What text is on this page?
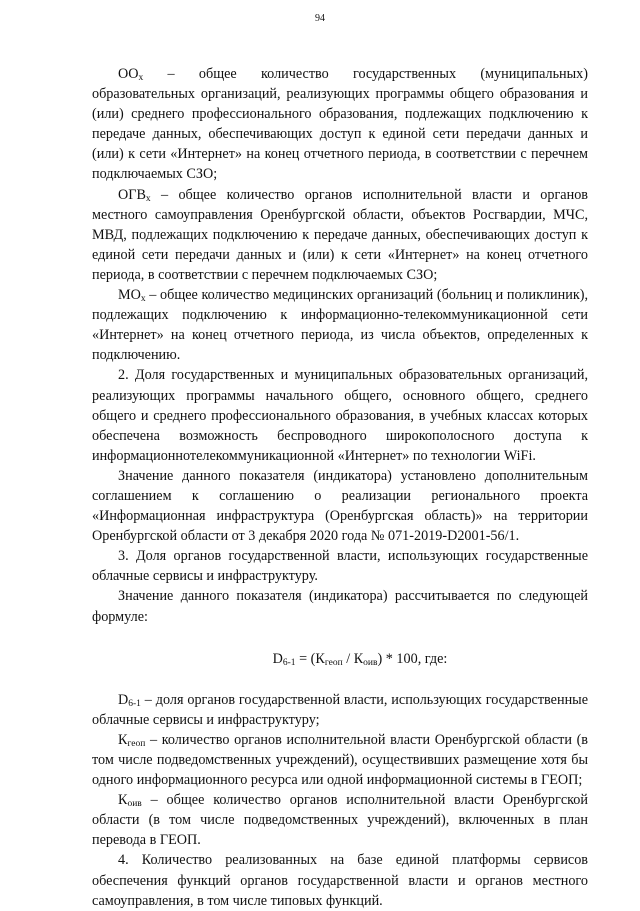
94

$ОО_x$ – общее количество государственных (муниципальных) образовательных организаций, реализующих программы общего образования и (или) среднего профессионального образования, подлежащих подключению к передаче данных, обеспечивающих доступ к единой сети передачи данных и (или) к сети «Интернет» на конец отчетного периода, в соответствии с перечнем подключаемых СЗО;

$ОГВ_x$ – общее количество органов исполнительной власти и органов местного самоуправления Оренбургской области, объектов Росгвардии, МЧС, МВД, подлежащих подключению к передаче данных, обеспечивающих доступ к единой сети передачи данных и (или) к сети «Интернет» на конец отчетного периода, в соответствии с перечнем подключаемых СЗО;

$МО_x$ – общее количество медицинских организаций (больниц и поликлиник), подлежащих подключению к информационно-телекоммуникационной сети «Интернет» на конец отчетного периода, из числа объектов, определенных к подключению.

2. Доля государственных и муниципальных образовательных организаций, реализующих программы начального общего, основного общего, среднего общего и среднего профессионального образования, в учебных классах которых обеспечена возможность беспроводного широкополосного доступа к информационнотелекоммуникационной «Интернет» по технологии WiFi.

Значение данного показателя (индикатора) установлено дополнительным соглашением к соглашению о реализации регионального проекта «Информационная инфраструктура (Оренбургская область)» на территории Оренбургской области от 3 декабря 2020 года № 071-2019-D2001-56/1.

3. Доля органов государственной власти, использующих государственные облачные сервисы и инфраструктуру.

Значение данного показателя (индикатора) рассчитывается по следующей формуле:

$D_{6-1} = (К_{геоп} / К_{оив}) * 100$, где:

$D_{6-1}$ – доля органов государственной власти, использующих государственные облачные сервисы и инфраструктуру;

$К_{геоп}$ – количество органов исполнительной власти Оренбургской области (в том числе подведомственных учреждений), осуществивших размещение хотя бы одного информационного ресурса или одной информационной системы в ГЕОП;

$К_{оив}$ – общее количество органов исполнительной власти Оренбургской области (в том числе подведомственных учреждений), включенных в план перевода в ГЕОП.

4. Количество реализованных на базе единой платформы сервисов обеспечения функций органов государственной власти и органов местного самоуправления, в том числе типовых функций.
